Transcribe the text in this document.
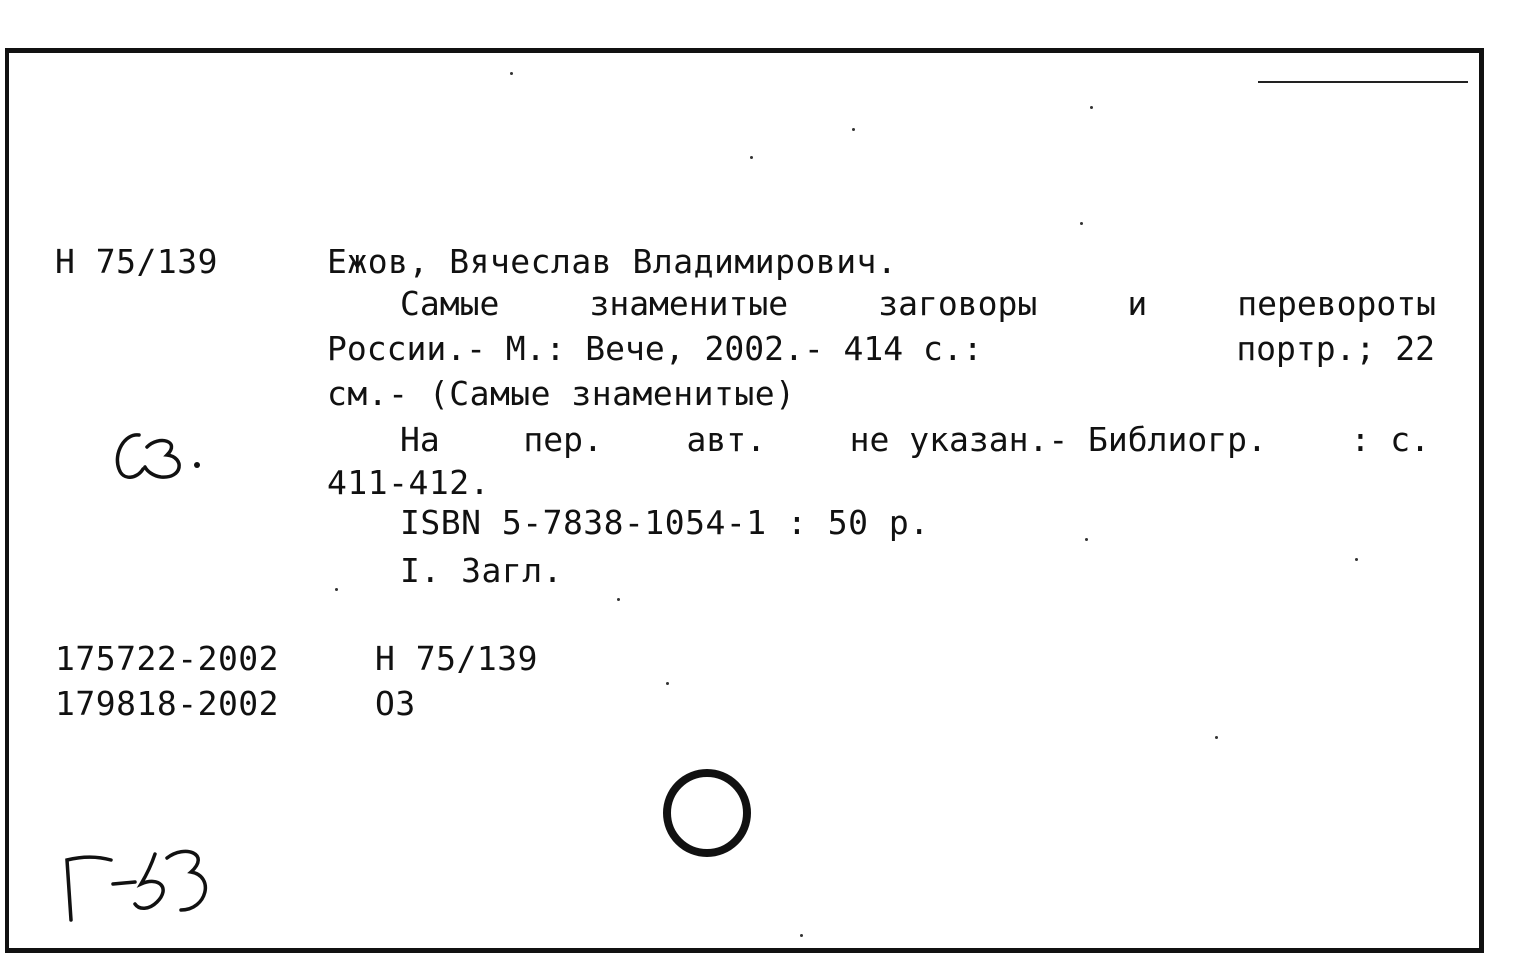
Н 75/139	Ежов, Вячеслав Владимирович.
Самые	знаменитые	заговоры	и	перевороты
России.- М.: Вече, 2002.- 414 с.:	портр.; 22
см.- (Самые знаменитые)
На	пер.	авт.	не указан.- Библиогр.	: с.
411-412.
ISBN 5-7838-1054-1 : 50 р.
I. Загл.
175722-2002	Н 75/139
179818-2002	О3
